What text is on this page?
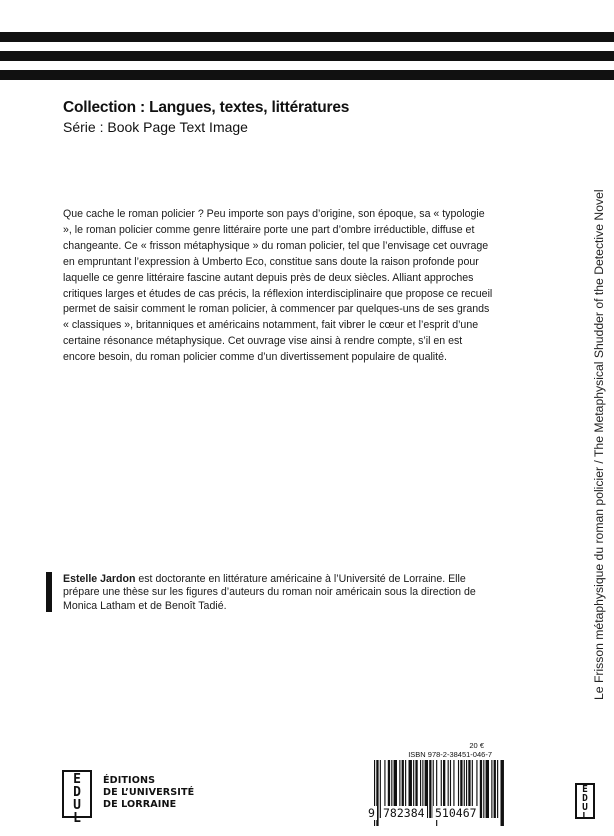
Collection : Langues, textes, littératures
Série : Book Page Text Image

Que cache le roman policier ? Peu importe son pays d’origine, son époque, sa « typologie », le roman policier comme genre littéraire porte une part d’ombre irréductible, diffuse et changeante. Ce « frisson métaphysique » du roman policier, tel que l’envisage cet ouvrage en empruntant l’expression à Umberto Eco, constitue sans doute la raison profonde pour laquelle ce genre littéraire fascine autant depuis près de deux siècles. Alliant approches critiques larges et études de cas précis, la réflexion interdisciplinaire que propose ce recueil permet de saisir comment le roman policier, à commencer par quelques-uns de ses grands « classiques », britanniques et américains notamment, fait vibrer le cœur et l’esprit d’une certaine résonance métaphysique. Cet ouvrage vise ainsi à rendre compte, s’il en est encore besoin, du roman policier comme d’un divertissement populaire de qualité.

Estelle Jardon est doctorante en littérature américaine à l’Université de Lorraine. Elle prépare une thèse sur les figures d’auteurs du roman noir américain sous la direction de Monica Latham et de Benoît Tadié.	Le Frisson métaphysique du roman policier / The Metaphysical Shudder of the Detective Novel
E
D
U
L
ÉDITIONS
DE L’UNIVERSITÉ
DE LORRAINE
20 €
ISBN 978-2-38451-046-7
9 782384 510467
E
D
U
L
